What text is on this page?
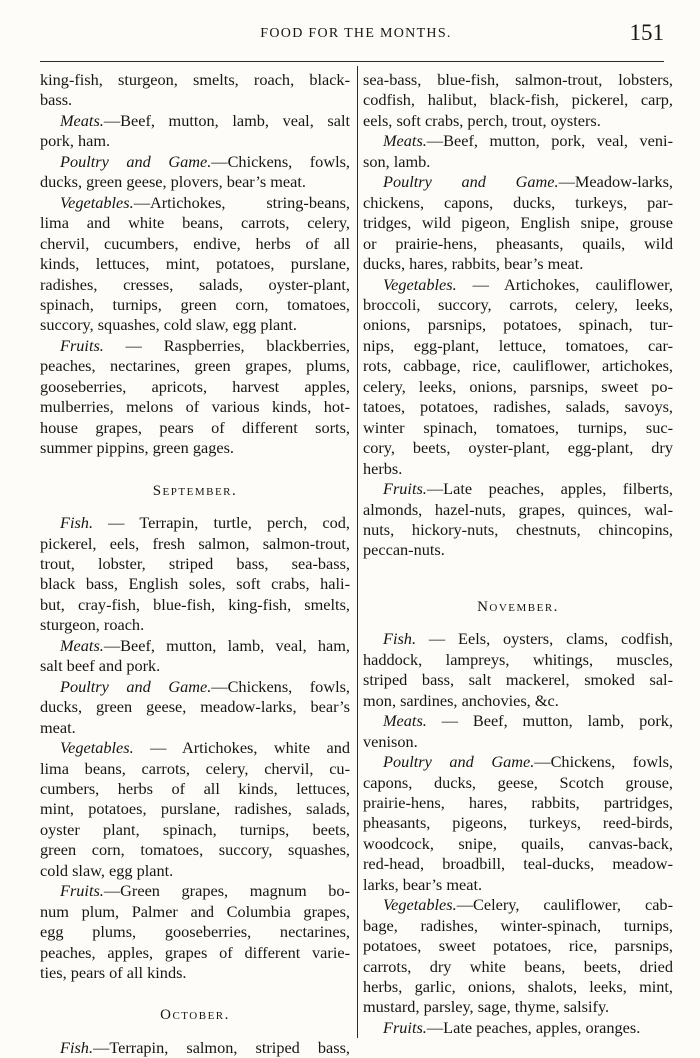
FOOD FOR THE MONTHS.	151
king-fish, sturgeon, smelts, roach, black-
bass.
Meats.—Beef, mutton, lamb, veal, salt
pork, ham.
Poultry and Game.—Chickens, fowls,
ducks, green geese, plovers, bear’s meat.
Vegetables.—Artichokes, string-beans,
lima and white beans, carrots, celery,
chervil, cucumbers, endive, herbs of all
kinds, lettuces, mint, potatoes, purslane,
radishes, cresses, salads, oyster-plant,
spinach, turnips, green corn, tomatoes,
succory, squashes, cold slaw, egg plant.
Fruits. — Raspberries, blackberries,
peaches, nectarines, green grapes, plums,
gooseberries, apricots, harvest apples,
mulberries, melons of various kinds, hot-
house grapes, pears of different sorts,
summer pippins, green gages.
September.
Fish. — Terrapin, turtle, perch, cod,
pickerel, eels, fresh salmon, salmon-trout,
trout, lobster, striped bass, sea-bass,
black bass, English soles, soft crabs, hali-
but, cray-fish, blue-fish, king-fish, smelts,
sturgeon, roach.
Meats.—Beef, mutton, lamb, veal, ham,
salt beef and pork.
Poultry and Game.—Chickens, fowls,
ducks, green geese, meadow-larks, bear’s
meat.
Vegetables. — Artichokes, white and
lima beans, carrots, celery, chervil, cu-
cumbers, herbs of all kinds, lettuces,
mint, potatoes, purslane, radishes, salads,
oyster plant, spinach, turnips, beets,
green corn, tomatoes, succory, squashes,
cold slaw, egg plant.
Fruits.—Green grapes, magnum bo-
num plum, Palmer and Columbia grapes,
egg plums, gooseberries, nectarines,
peaches, apples, grapes of different varie-
ties, pears of all kinds.
October.
Fish.—Terrapin, salmon, striped bass,
sea-bass, blue-fish, salmon-trout, lobsters,
codfish, halibut, black-fish, pickerel, carp,
eels, soft crabs, perch, trout, oysters.
Meats.—Beef, mutton, pork, veal, veni-
son, lamb.
Poultry and Game.—Meadow-larks,
chickens, capons, ducks, turkeys, par-
tridges, wild pigeon, English snipe, grouse
or prairie-hens, pheasants, quails, wild
ducks, hares, rabbits, bear’s meat.
Vegetables. — Artichokes, cauliflower,
broccoli, succory, carrots, celery, leeks,
onions, parsnips, potatoes, spinach, tur-
nips, egg-plant, lettuce, tomatoes, car-
rots, cabbage, rice, cauliflower, artichokes,
celery, leeks, onions, parsnips, sweet po-
tatoes, potatoes, radishes, salads, savoys,
winter spinach, tomatoes, turnips, suc-
cory, beets, oyster-plant, egg-plant, dry
herbs.
Fruits.—Late peaches, apples, filberts,
almonds, hazel-nuts, grapes, quinces, wal-
nuts, hickory-nuts, chestnuts, chincopins,
peccan-nuts.
November.
Fish. — Eels, oysters, clams, codfish,
haddock, lampreys, whitings, muscles,
striped bass, salt mackerel, smoked sal-
mon, sardines, anchovies, &c.
Meats. — Beef, mutton, lamb, pork,
venison.
Poultry and Game.—Chickens, fowls,
capons, ducks, geese, Scotch grouse,
prairie-hens, hares, rabbits, partridges,
pheasants, pigeons, turkeys, reed-birds,
woodcock, snipe, quails, canvas-back,
red-head, broadbill, teal-ducks, meadow-
larks, bear’s meat.
Vegetables.—Celery, cauliflower, cab-
bage, radishes, winter-spinach, turnips,
potatoes, sweet potatoes, rice, parsnips,
carrots, dry white beans, beets, dried
herbs, garlic, onions, shalots, leeks, mint,
mustard, parsley, sage, thyme, salsify.
Fruits.—Late peaches, apples, oranges.
